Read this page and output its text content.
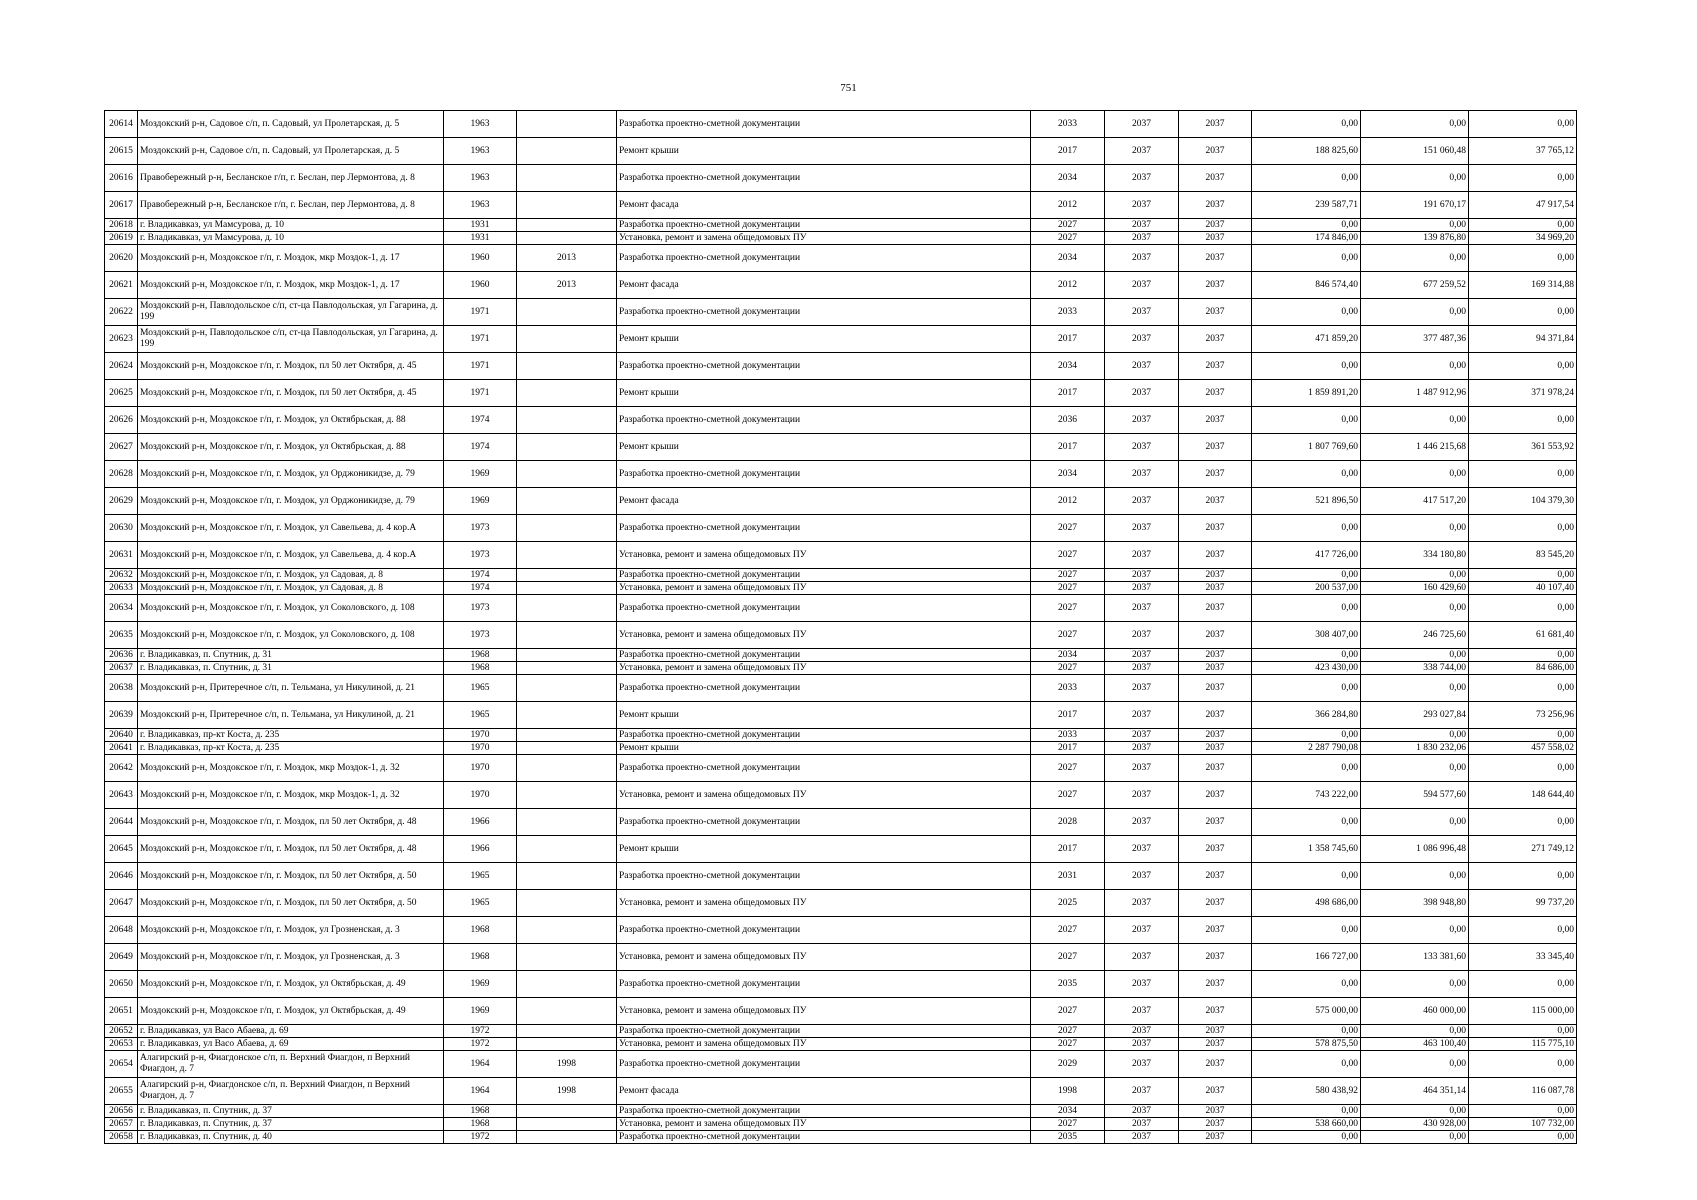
751
20614	Моздокский р-н, Садовое с/п, п. Садовый, ул Пролетарская, д. 5	1963		Разработка проектно-сметной документации	2033	2037	2037	0,00	0,00	0,00
20615	Моздокский р-н, Садовое с/п, п. Садовый, ул Пролетарская, д. 5	1963		Ремонт крыши	2017	2037	2037	188 825,60	151 060,48	37 765,12
20616	Правобережный р-н, Бесланское г/п, г. Беслан, пер Лермонтова, д. 8	1963		Разработка проектно-сметной документации	2034	2037	2037	0,00	0,00	0,00
20617	Правобережный р-н, Бесланское г/п, г. Беслан, пер Лермонтова, д. 8	1963		Ремонт фасада	2012	2037	2037	239 587,71	191 670,17	47 917,54
20618	г. Владикавказ, ул Мамсурова, д. 10	1931		Разработка проектно-сметной документации	2027	2037	2037	0,00	0,00	0,00
20619	г. Владикавказ, ул Мамсурова, д. 10	1931		Установка, ремонт и замена общедомовых ПУ	2027	2037	2037	174 846,00	139 876,80	34 969,20
20620	Моздокский р-н, Моздокское г/п, г. Моздок, мкр Моздок-1, д. 17	1960	2013	Разработка проектно-сметной документации	2034	2037	2037	0,00	0,00	0,00
20621	Моздокский р-н, Моздокское г/п, г. Моздок, мкр Моздок-1, д. 17	1960	2013	Ремонт фасада	2012	2037	2037	846 574,40	677 259,52	169 314,88
20622	Моздокский р-н, Павлодольское с/п, ст-ца Павлодольская, ул Гагарина, д. 199	1971		Разработка проектно-сметной документации	2033	2037	2037	0,00	0,00	0,00
20623	Моздокский р-н, Павлодольское с/п, ст-ца Павлодольская, ул Гагарина, д. 199	1971		Ремонт крыши	2017	2037	2037	471 859,20	377 487,36	94 371,84
20624	Моздокский р-н, Моздокское г/п, г. Моздок, пл 50 лет Октября, д. 45	1971		Разработка проектно-сметной документации	2034	2037	2037	0,00	0,00	0,00
20625	Моздокский р-н, Моздокское г/п, г. Моздок, пл 50 лет Октября, д. 45	1971		Ремонт крыши	2017	2037	2037	1 859 891,20	1 487 912,96	371 978,24
20626	Моздокский р-н, Моздокское г/п, г. Моздок, ул Октябрьская, д. 88	1974		Разработка проектно-сметной документации	2036	2037	2037	0,00	0,00	0,00
20627	Моздокский р-н, Моздокское г/п, г. Моздок, ул Октябрьская, д. 88	1974		Ремонт крыши	2017	2037	2037	1 807 769,60	1 446 215,68	361 553,92
20628	Моздокский р-н, Моздокское г/п, г. Моздок, ул Орджоникидзе, д. 79	1969		Разработка проектно-сметной документации	2034	2037	2037	0,00	0,00	0,00
20629	Моздокский р-н, Моздокское г/п, г. Моздок, ул Орджоникидзе, д. 79	1969		Ремонт фасада	2012	2037	2037	521 896,50	417 517,20	104 379,30
20630	Моздокский р-н, Моздокское г/п, г. Моздок, ул Савельева, д. 4 кор.А	1973		Разработка проектно-сметной документации	2027	2037	2037	0,00	0,00	0,00
20631	Моздокский р-н, Моздокское г/п, г. Моздок, ул Савельева, д. 4 кор.А	1973		Установка, ремонт и замена общедомовых ПУ	2027	2037	2037	417 726,00	334 180,80	83 545,20
20632	Моздокский р-н, Моздокское г/п, г. Моздок, ул Садовая, д. 8	1974		Разработка проектно-сметной документации	2027	2037	2037	0,00	0,00	0,00
20633	Моздокский р-н, Моздокское г/п, г. Моздок, ул Садовая, д. 8	1974		Установка, ремонт и замена общедомовых ПУ	2027	2037	2037	200 537,00	160 429,60	40 107,40
20634	Моздокский р-н, Моздокское г/п, г. Моздок, ул Соколовского, д. 108	1973		Разработка проектно-сметной документации	2027	2037	2037	0,00	0,00	0,00
20635	Моздокский р-н, Моздокское г/п, г. Моздок, ул Соколовского, д. 108	1973		Установка, ремонт и замена общедомовых ПУ	2027	2037	2037	308 407,00	246 725,60	61 681,40
20636	г. Владикавказ, п. Спутник, д. 31	1968		Разработка проектно-сметной документации	2034	2037	2037	0,00	0,00	0,00
20637	г. Владикавказ, п. Спутник, д. 31	1968		Установка, ремонт и замена общедомовых ПУ	2027	2037	2037	423 430,00	338 744,00	84 686,00
20638	Моздокский р-н, Притеречное с/п, п. Тельмана, ул Никулиной, д. 21	1965		Разработка проектно-сметной документации	2033	2037	2037	0,00	0,00	0,00
20639	Моздокский р-н, Притеречное с/п, п. Тельмана, ул Никулиной, д. 21	1965		Ремонт крыши	2017	2037	2037	366 284,80	293 027,84	73 256,96
20640	г. Владикавказ, пр-кт Коста, д. 235	1970		Разработка проектно-сметной документации	2033	2037	2037	0,00	0,00	0,00
20641	г. Владикавказ, пр-кт Коста, д. 235	1970		Ремонт крыши	2017	2037	2037	2 287 790,08	1 830 232,06	457 558,02
20642	Моздокский р-н, Моздокское г/п, г. Моздок, мкр Моздок-1, д. 32	1970		Разработка проектно-сметной документации	2027	2037	2037	0,00	0,00	0,00
20643	Моздокский р-н, Моздокское г/п, г. Моздок, мкр Моздок-1, д. 32	1970		Установка, ремонт и замена общедомовых ПУ	2027	2037	2037	743 222,00	594 577,60	148 644,40
20644	Моздокский р-н, Моздокское г/п, г. Моздок, пл 50 лет Октября, д. 48	1966		Разработка проектно-сметной документации	2028	2037	2037	0,00	0,00	0,00
20645	Моздокский р-н, Моздокское г/п, г. Моздок, пл 50 лет Октября, д. 48	1966		Ремонт крыши	2017	2037	2037	1 358 745,60	1 086 996,48	271 749,12
20646	Моздокский р-н, Моздокское г/п, г. Моздок, пл 50 лет Октября, д. 50	1965		Разработка проектно-сметной документации	2031	2037	2037	0,00	0,00	0,00
20647	Моздокский р-н, Моздокское г/п, г. Моздок, пл 50 лет Октября, д. 50	1965		Установка, ремонт и замена общедомовых ПУ	2025	2037	2037	498 686,00	398 948,80	99 737,20
20648	Моздокский р-н, Моздокское г/п, г. Моздок, ул Грозненская, д. 3	1968		Разработка проектно-сметной документации	2027	2037	2037	0,00	0,00	0,00
20649	Моздокский р-н, Моздокское г/п, г. Моздок, ул Грозненская, д. 3	1968		Установка, ремонт и замена общедомовых ПУ	2027	2037	2037	166 727,00	133 381,60	33 345,40
20650	Моздокский р-н, Моздокское г/п, г. Моздок, ул Октябрьская, д. 49	1969		Разработка проектно-сметной документации	2035	2037	2037	0,00	0,00	0,00
20651	Моздокский р-н, Моздокское г/п, г. Моздок, ул Октябрьская, д. 49	1969		Установка, ремонт и замена общедомовых ПУ	2027	2037	2037	575 000,00	460 000,00	115 000,00
20652	г. Владикавказ, ул Васо Абаева, д. 69	1972		Разработка проектно-сметной документации	2027	2037	2037	0,00	0,00	0,00
20653	г. Владикавказ, ул Васо Абаева, д. 69	1972		Установка, ремонт и замена общедомовых ПУ	2027	2037	2037	578 875,50	463 100,40	115 775,10
20654	Алагирский р-н, Фиагдонское с/п, п. Верхний Фиагдон, п Верхний Фиагдон, д. 7	1964	1998	Разработка проектно-сметной документации	2029	2037	2037	0,00	0,00	0,00
20655	Алагирский р-н, Фиагдонское с/п, п. Верхний Фиагдон, п Верхний Фиагдон, д. 7	1964	1998	Ремонт фасада	1998	2037	2037	580 438,92	464 351,14	116 087,78
20656	г. Владикавказ, п. Спутник, д. 37	1968		Разработка проектно-сметной документации	2034	2037	2037	0,00	0,00	0,00
20657	г. Владикавказ, п. Спутник, д. 37	1968		Установка, ремонт и замена общедомовых ПУ	2027	2037	2037	538 660,00	430 928,00	107 732,00
20658	г. Владикавказ, п. Спутник, д. 40	1972		Разработка проектно-сметной документации	2035	2037	2037	0,00	0,00	0,00
